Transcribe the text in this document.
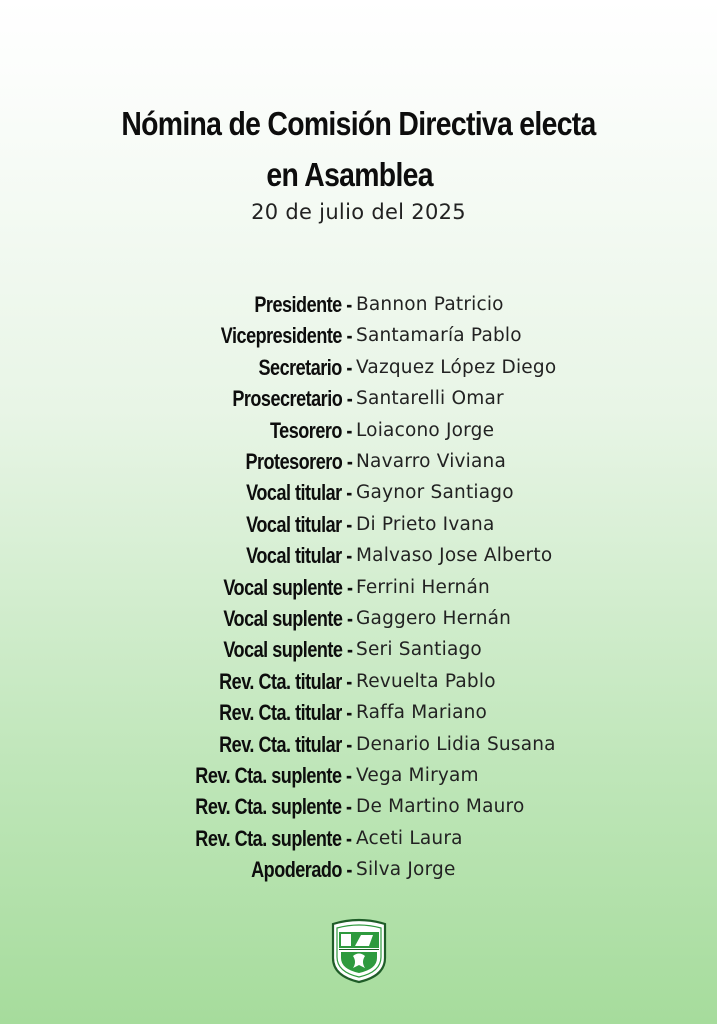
Nómina de Comisión Directiva electa
en Asamblea
20 de julio del 2025
Presidente - Bannon Patricio
Vicepresidente - Santamaría Pablo
Secretario - Vazquez López Diego
Prosecretario - Santarelli Omar
Tesorero - Loiacono Jorge
Protesorero - Navarro Viviana
Vocal titular - Gaynor Santiago
Vocal titular - Di Prieto Ivana
Vocal titular - Malvaso Jose Alberto
Vocal suplente - Ferrini Hernán
Vocal suplente - Gaggero Hernán
Vocal suplente - Seri Santiago
Rev. Cta. titular - Revuelta Pablo
Rev. Cta. titular - Raffa Mariano
Rev. Cta. titular - Denario Lidia Susana
Rev. Cta. suplente - Vega Miryam
Rev. Cta. suplente - De Martino Mauro
Rev. Cta. suplente - Aceti Laura
Apoderado - Silva Jorge
